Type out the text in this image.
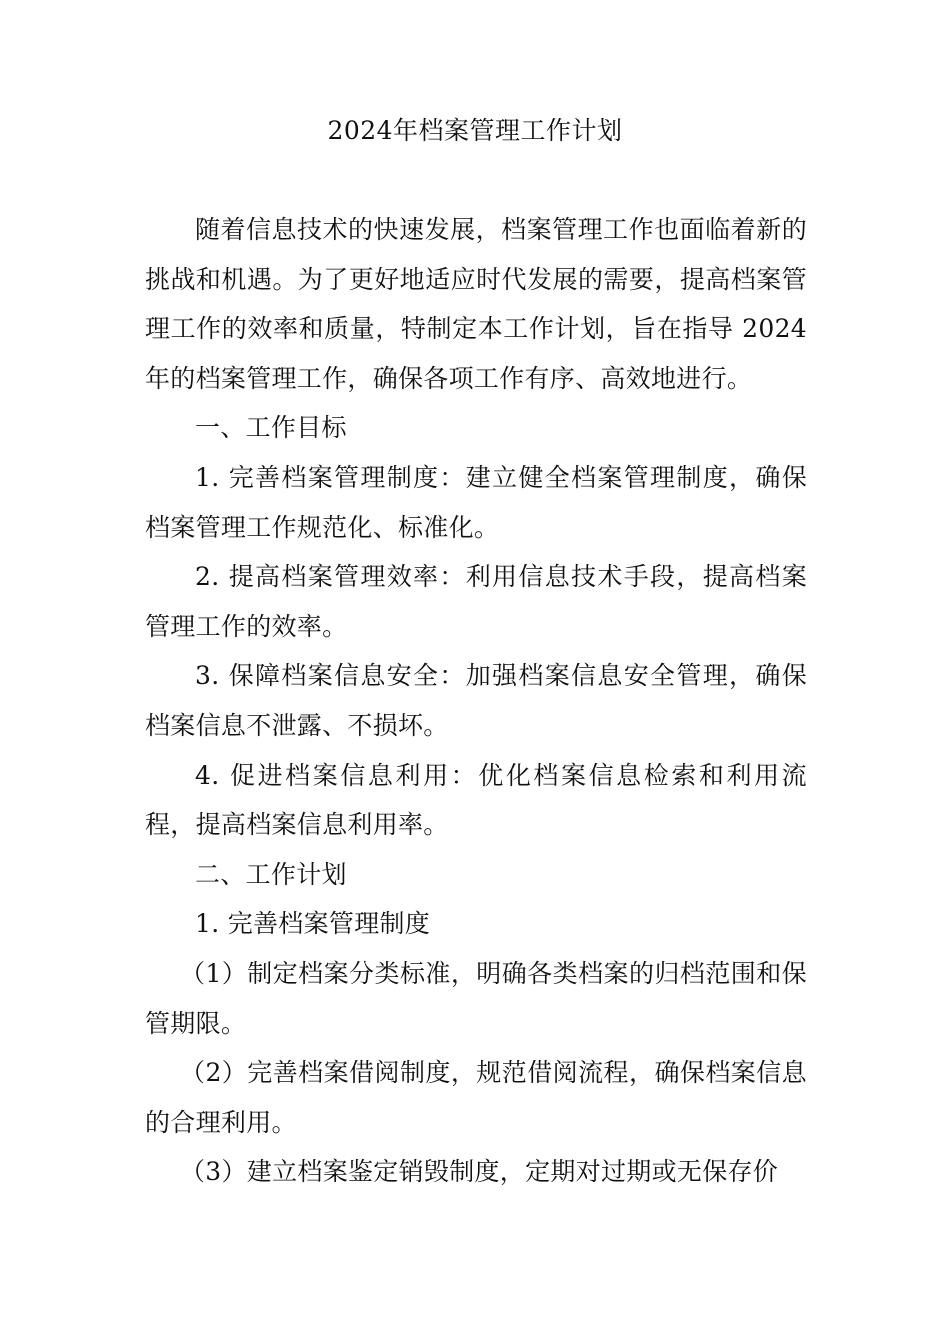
2024年档案管理工作计划

随着信息技术的快速发展，档案管理工作也面临着新的挑战和机遇。为了更好地适应时代发展的需要，提高档案管理工作的效率和质量，特制定本工作计划，旨在指导 2024年的档案管理工作，确保各项工作有序、高效地进行。

一、工作目标

1. 完善档案管理制度：建立健全档案管理制度，确保档案管理工作规范化、标准化。

2. 提高档案管理效率：利用信息技术手段，提高档案管理工作的效率。

3. 保障档案信息安全：加强档案信息安全管理，确保档案信息不泄露、不损坏。

4. 促进档案信息利用：优化档案信息检索和利用流程，提高档案信息利用率。

二、工作计划

1. 完善档案管理制度

（1）制定档案分类标准，明确各类档案的归档范围和保管期限。

（2）完善档案借阅制度，规范借阅流程，确保档案信息的合理利用。

（3）建立档案鉴定销毁制度，定期对过期或无保存价
